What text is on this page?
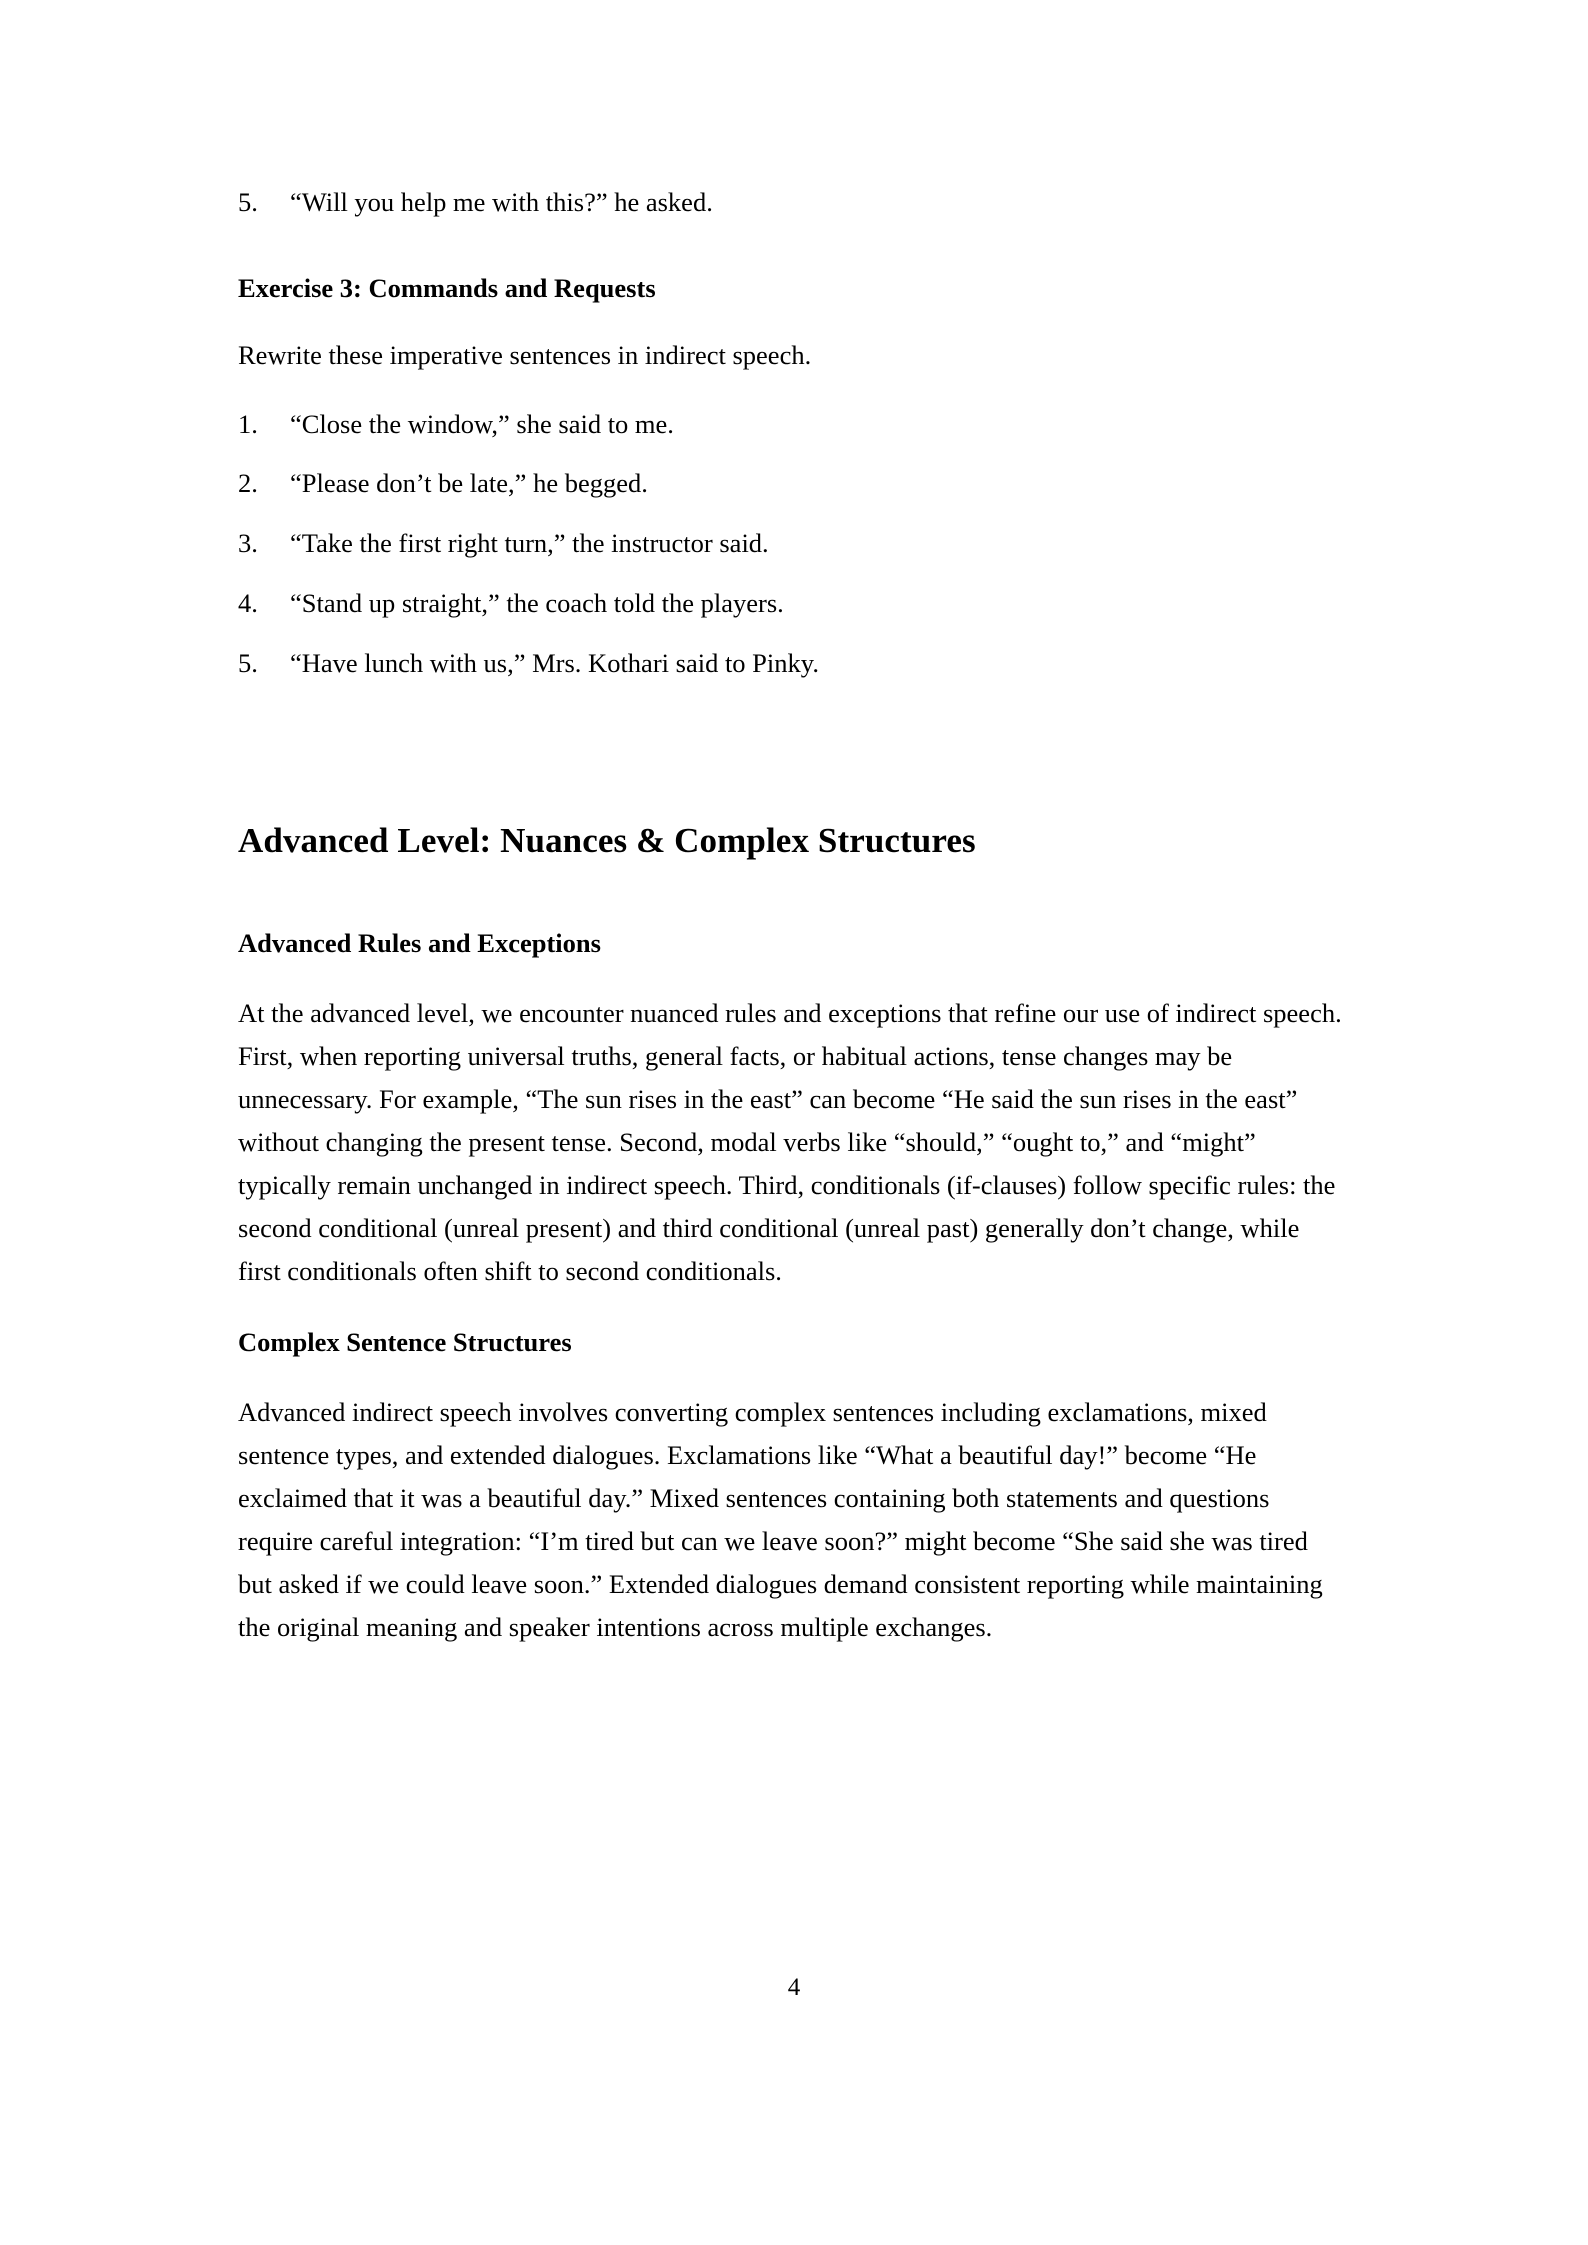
5.	“Will you help me with this?” he asked.
Exercise 3: Commands and Requests

Rewrite these imperative sentences in indirect speech.

1.	“Close the window,” she said to me.
2.	“Please don’t be late,” he begged.
3.	“Take the first right turn,” the instructor said.
4.	“Stand up straight,” the coach told the players.
5.	“Have lunch with us,” Mrs. Kothari said to Pinky.
Advanced Level: Nuances & Complex Structures
Advanced Rules and Exceptions

At the advanced level, we encounter nuanced rules and exceptions that refine our use of indirect speech. First, when reporting universal truths, general facts, or habitual actions, tense changes may be unnecessary. For example, “The sun rises in the east” can become “He said the sun rises in the east” without changing the present tense. Second, modal verbs like “should,” “ought to,” and “might” typically remain unchanged in indirect speech. Third, conditionals (if-clauses) follow specific rules: the second conditional (unreal present) and third conditional (unreal past) generally don’t change, while first conditionals often shift to second conditionals.

Complex Sentence Structures

Advanced indirect speech involves converting complex sentences including exclamations, mixed sentence types, and extended dialogues. Exclamations like “What a beautiful day!” become “He exclaimed that it was a beautiful day.” Mixed sentences containing both statements and questions require careful integration: “I’m tired but can we leave soon?” might become “She said she was tired but asked if we could leave soon.” Extended dialogues demand consistent reporting while maintaining the original meaning and speaker intentions across multiple exchanges.

4
